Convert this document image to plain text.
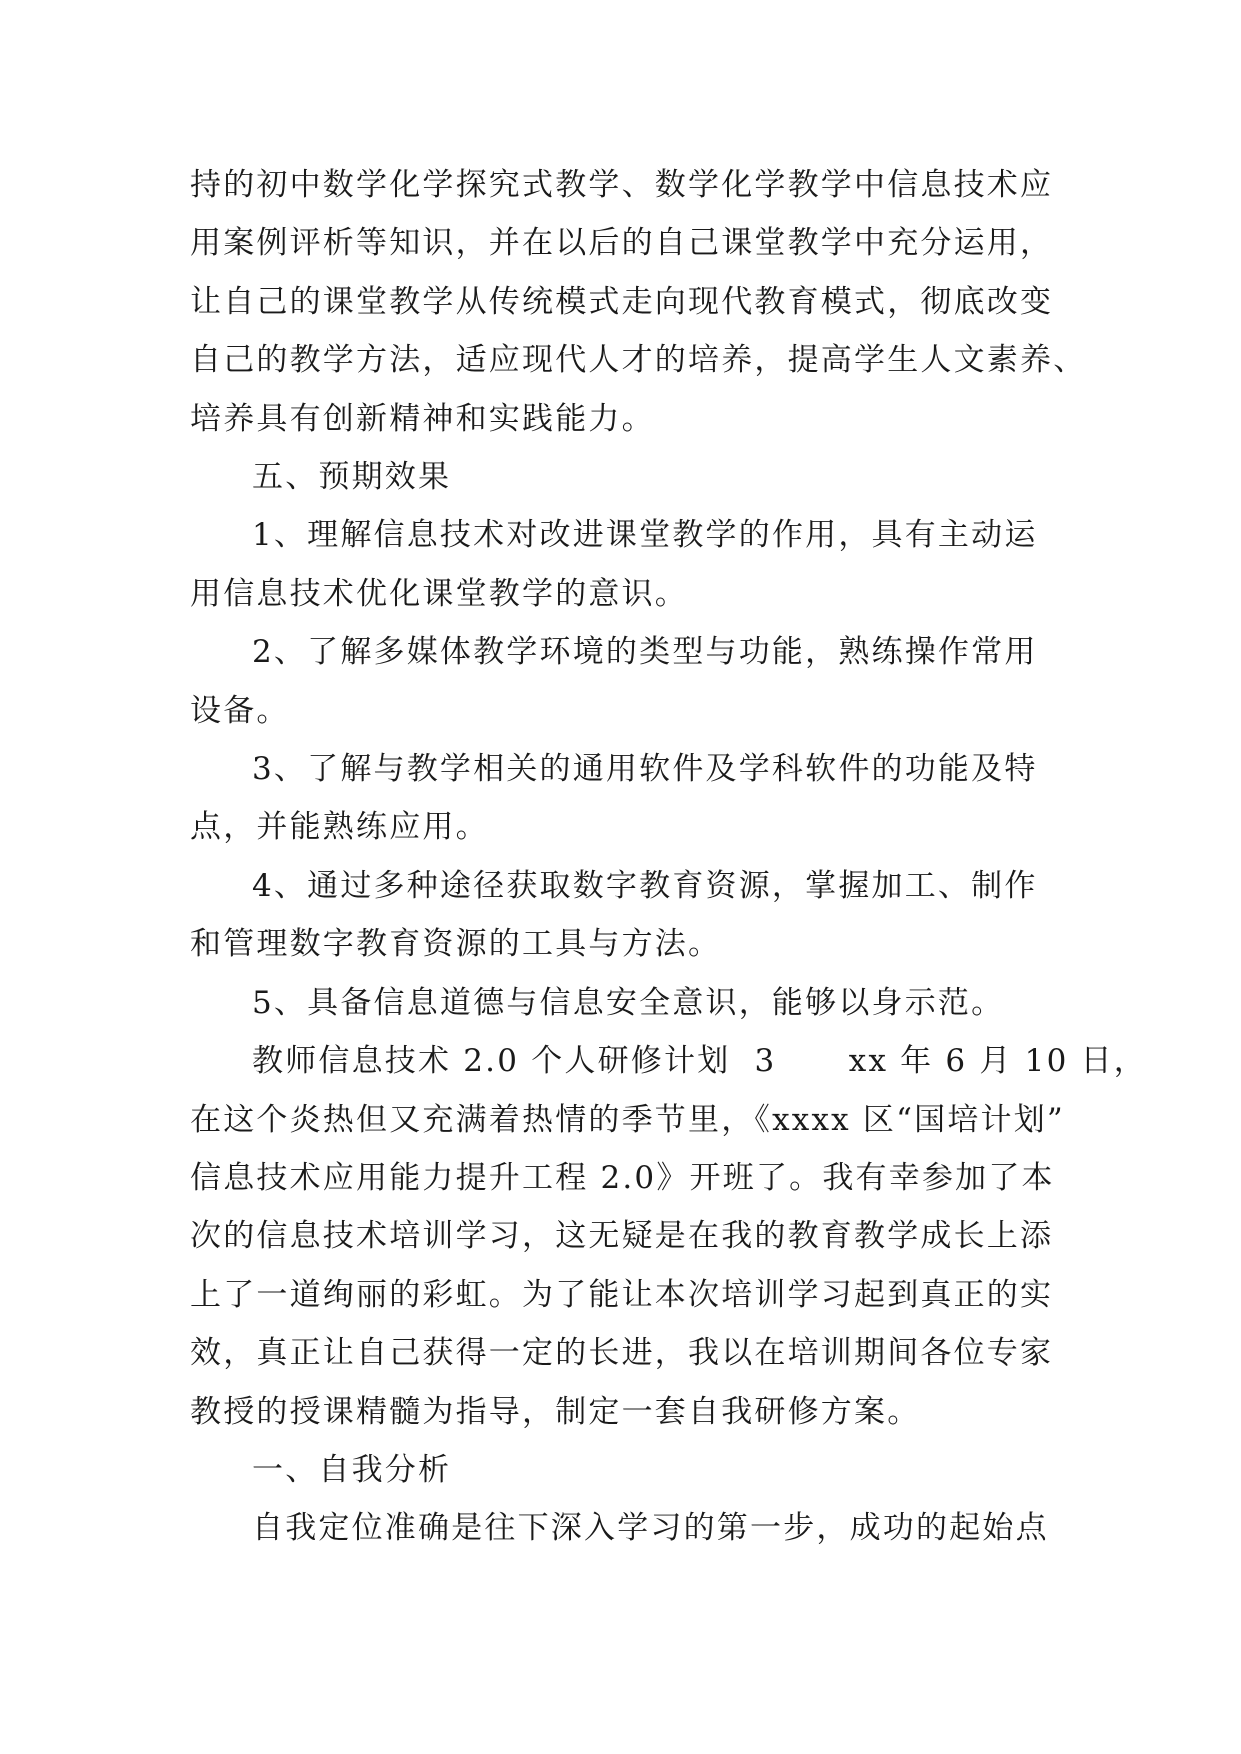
持的初中数学化学探究式教学、数学化学教学中信息技术应
用案例评析等知识，并在以后的自己课堂教学中充分运用，
让自己的课堂教学从传统模式走向现代教育模式，彻底改变
自己的教学方法，适应现代人才的培养，提高学生人文素养、
培养具有创新精神和实践能力。
五、预期效果
1、理解信息技术对改进课堂教学的作用，具有主动运
用信息技术优化课堂教学的意识。
2、了解多媒体教学环境的类型与功能，熟练操作常用
设备。
3、了解与教学相关的通用软件及学科软件的功能及特
点，并能熟练应用。
4、通过多种途径获取数字教育资源，掌握加工、制作
和管理数字教育资源的工具与方法。
5、具备信息道德与信息安全意识，能够以身示范。
教师信息技术 2.0 个人研修计划  3      xx 年 6 月 10 日，
在这个炎热但又充满着热情的季节里，《xxxx 区“国培计划”
信息技术应用能力提升工程 2.0》开班了。我有幸参加了本
次的信息技术培训学习，这无疑是在我的教育教学成长上添
上了一道绚丽的彩虹。为了能让本次培训学习起到真正的实
效，真正让自己获得一定的长进，我以在培训期间各位专家
教授的授课精髓为指导，制定一套自我研修方案。
一、自我分析
自我定位准确是往下深入学习的第一步，成功的起始点
